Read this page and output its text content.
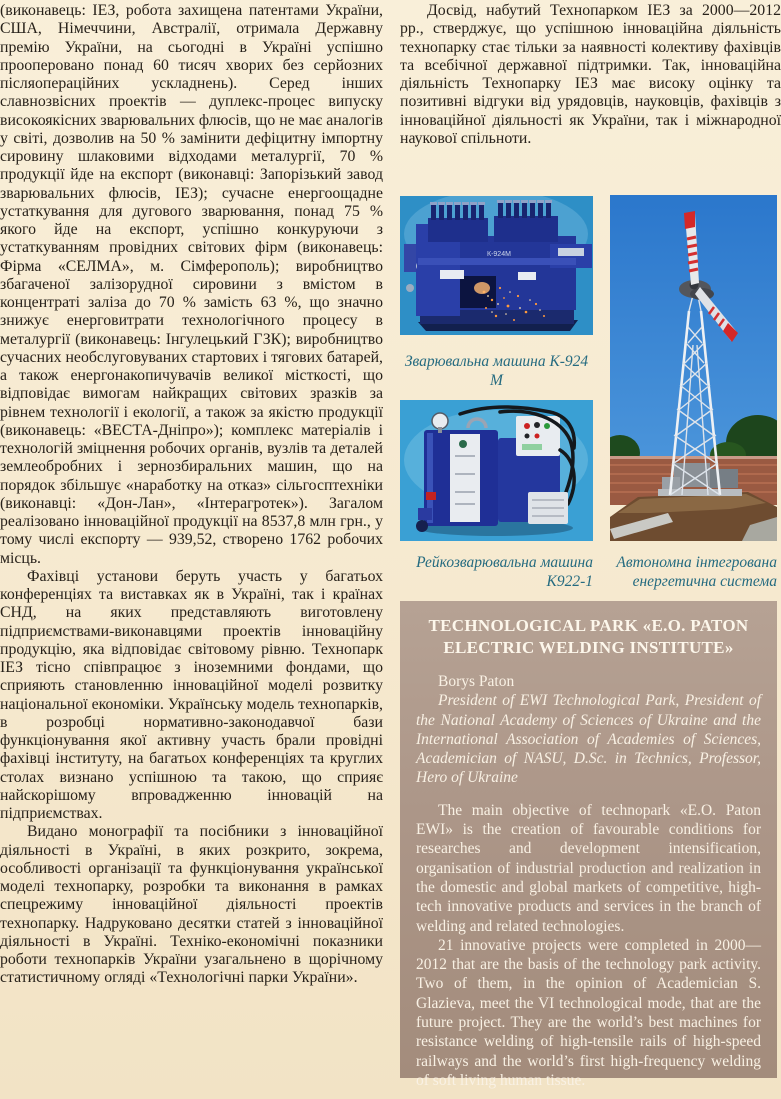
(виконавець: ІЕЗ, робота захищена патентами України, США, Німеччини, Австралії, отримала Державну премію України, на сьогодні в Україні успішно прооперовано понад 60 тисяч хворих без серйозних післяопераційних ускладнень). Серед інших славнозвісних проектів — дуплекс-процес випуску високоякісних зварювальних флюсів, що не має аналогів у світі, дозволив на 50 % замінити дефіцитну імпортну сировину шлаковими відходами металургії, 70 % продукції йде на експорт (виконавці: Запорізький завод зварювальних флюсів, ІЕЗ); сучасне енергоощадне устаткування для дугового зварювання, понад 75 % якого йде на експорт, успішно конкуруючи з устаткуванням провідних світових фірм (виконавець: Фірма «СЕЛМА», м. Сімферополь); виробництво збагаченої залізорудної сировини з вмістом в концентраті заліза до 70 % замість 63 %, що значно знижує енерговитрати технологічного процесу в металургії (виконавець: Інгулецький ГЗК); виробництво сучасних необслуговуваних стартових і тягових батарей, а також енергонакопичувачів великої місткості, що відповідає вимогам найкращих світових зразків за рівнем технології і екології, а також за якістю продукції (виконавець: «ВЕСТА-Дніпро»); комплекс матеріалів і технологій зміцнення робочих органів, вузлів та деталей землеобробних і зернозбиральних машин, що на порядок збільшує «наработку на отказ» сільгосптехніки (виконавці: «Дон-Лан», «Інтерагротек»). Загалом реалізовано інноваційної продукції на 8537,8 млн грн., у тому числі експорту — 939,52, створено 1762 робочих місць.

Фахівці установи беруть участь у багатьох конференціях та виставках як в Україні, так і країнах СНД, на яких представляють виготовлену підприємствами-виконавцями проектів інноваційну продукцію, яка відповідає світовому рівню. Технопарк ІЕЗ тісно співпрацює з іноземними фондами, що сприяють становленню інноваційної моделі розвитку національної економіки. Українську модель технопарків, в розробці нормативно-законодавчої бази функціонування якої активну участь брали провідні фахівці інституту, на багатьох конференціях та круглих столах визнано успішною та такою, що сприяє найскорішому впровадженню інновацій на підприємствах.

Видано монографії та посібники з інноваційної діяльності в Україні, в яких розкрито, зокрема, особливості організації та функціонування української моделі технопарку, розробки та виконання в рамках спецрежиму інноваційної діяльності проектів технопарку. Надруковано десятки статей з інноваційної діяльності в Україні. Техніко-економічні показники роботи технопарків України узагальнено в щорічному статистичному огляді «Технологічні парки України».

Досвід, набутий Технопарком ІЕЗ за 2000—2012 рр., стверджує, що успішною інноваційна діяльність технопарку стає тільки за наявності колективу фахівців та всебічної державної підтримки. Так, інноваційна діяльність Технопарку ІЕЗ має високу оцінку та позитивні відгуки від урядовців, науковців, фахівців з інноваційної діяльності як України, так і міжнародної наукової спільноти.

К-924М
Зварювальна машина К-924 М
Рейкозварювальна машина
К922-1
Автономна інтегрована
енергетична система
TECHNOLOGICAL PARK «E.O. PATON ELECTRIC WELDING INSTITUTE»

Borys Paton

President of EWI Technological Park, President of the National Academy of Sciences of Ukraine and the International Association of Academies of Sciences, Academician of NASU, D.Sc. in Technics, Professor, Hero of Ukraine

The main objective of technopark «E.O. Paton EWI» is the creation of favourable conditions for researches and development intensification, organisation of industrial production and realization in the domestic and global markets of competitive, high-tech innovative products and services in the branch of welding and related technologies.

21 innovative projects were completed in 2000—2012 that are the basis of the technology park activity. Two of them, in the opinion of Academician S. Glazieva, meet the VI technological mode, that are the future project. They are the world’s best machines for resistance welding of high-tensile rails of high-speed railways and the world’s first high-frequency welding of soft living human tissue.
